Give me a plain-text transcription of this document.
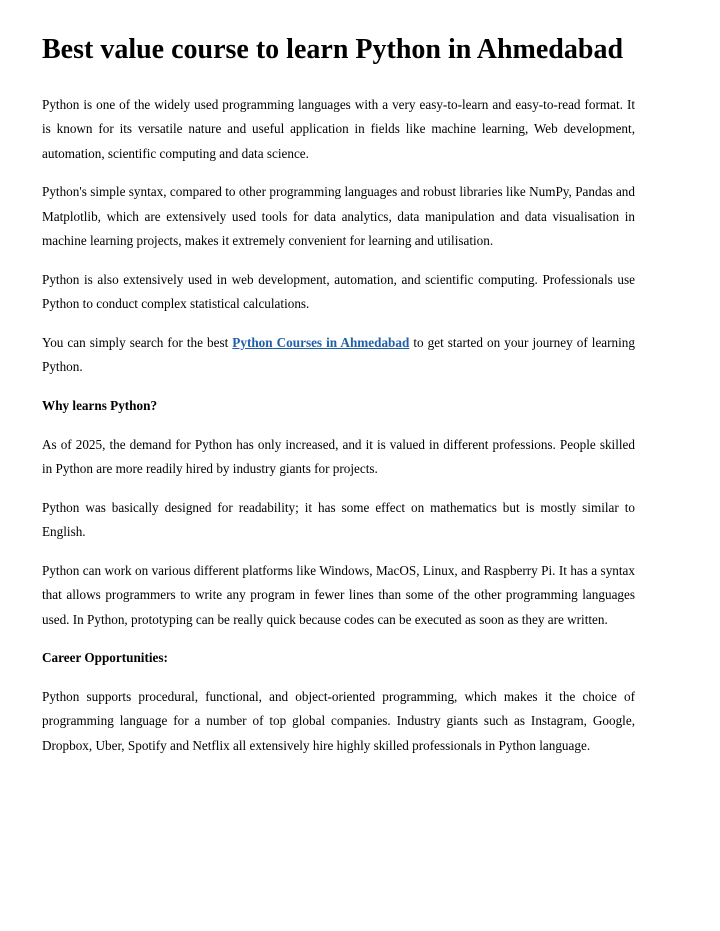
Best value course to learn Python in Ahmedabad

Python is one of the widely used programming languages with a very easy-to-learn and easy-to-read format. It is known for its versatile nature and useful application in fields like machine learning, Web development, automation, scientific computing and data science.

Python's simple syntax, compared to other programming languages and robust libraries like NumPy, Pandas and Matplotlib, which are extensively used tools for data analytics, data manipulation and data visualisation in machine learning projects, makes it extremely convenient for learning and utilisation.

Python is also extensively used in web development, automation, and scientific computing. Professionals use Python to conduct complex statistical calculations.

You can simply search for the best Python Courses in Ahmedabad to get started on your journey of learning Python.

Why learns Python?

As of 2025, the demand for Python has only increased, and it is valued in different professions. People skilled in Python are more readily hired by industry giants for projects.

Python was basically designed for readability; it has some effect on mathematics but is mostly similar to English.

Python can work on various different platforms like Windows, MacOS, Linux, and Raspberry Pi. It has a syntax that allows programmers to write any program in fewer lines than some of the other programming languages used. In Python, prototyping can be really quick because codes can be executed as soon as they are written.

Career Opportunities:

Python supports procedural, functional, and object-oriented programming, which makes it the choice of programming language for a number of top global companies. Industry giants such as Instagram, Google, Dropbox, Uber, Spotify and Netflix all extensively hire highly skilled professionals in Python language.
